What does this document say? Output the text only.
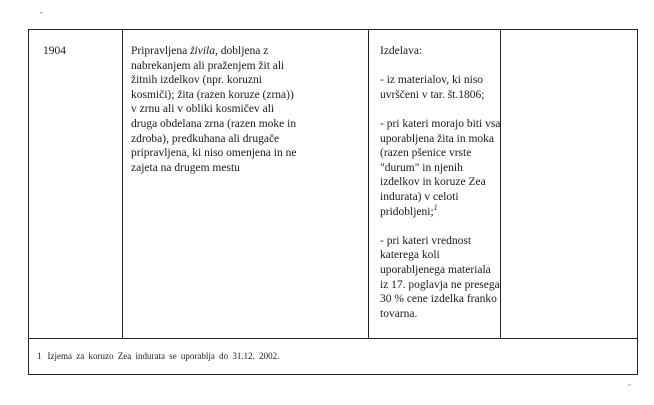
"
"
1904	Pripravljena živila, dobljena z
nabrekanjem ali praženjem žit ali
žitnih izdelkov (npr. koruzni
kosmiči); žita (razen koruze (zrna))
v zrnu ali v obliki kosmičev ali
druga obdelana zrna (razen moke in
zdroba), predkuhana ali drugače
pripravljena, ki niso omenjena in ne
zajeta na drugem mestu
Izdelava:
- iz materialov, ki niso
uvrščeni v tar. št.1806;
- pri kateri morajo biti vsa
uporabljena žita in moka
(razen pšenice vrste
"durum" in njenih
izdelkov in koruze Zea
indurata) v celoti
pridobljeni;$^1$
- pri kateri vrednost
katerega koli
uporabljenega materiala
iz 17. poglavja ne presega
30 % cene izdelka franko
tovarna.
1 Izjema za koruzo Zea indurata se uporablja do 31.12. 2002.
